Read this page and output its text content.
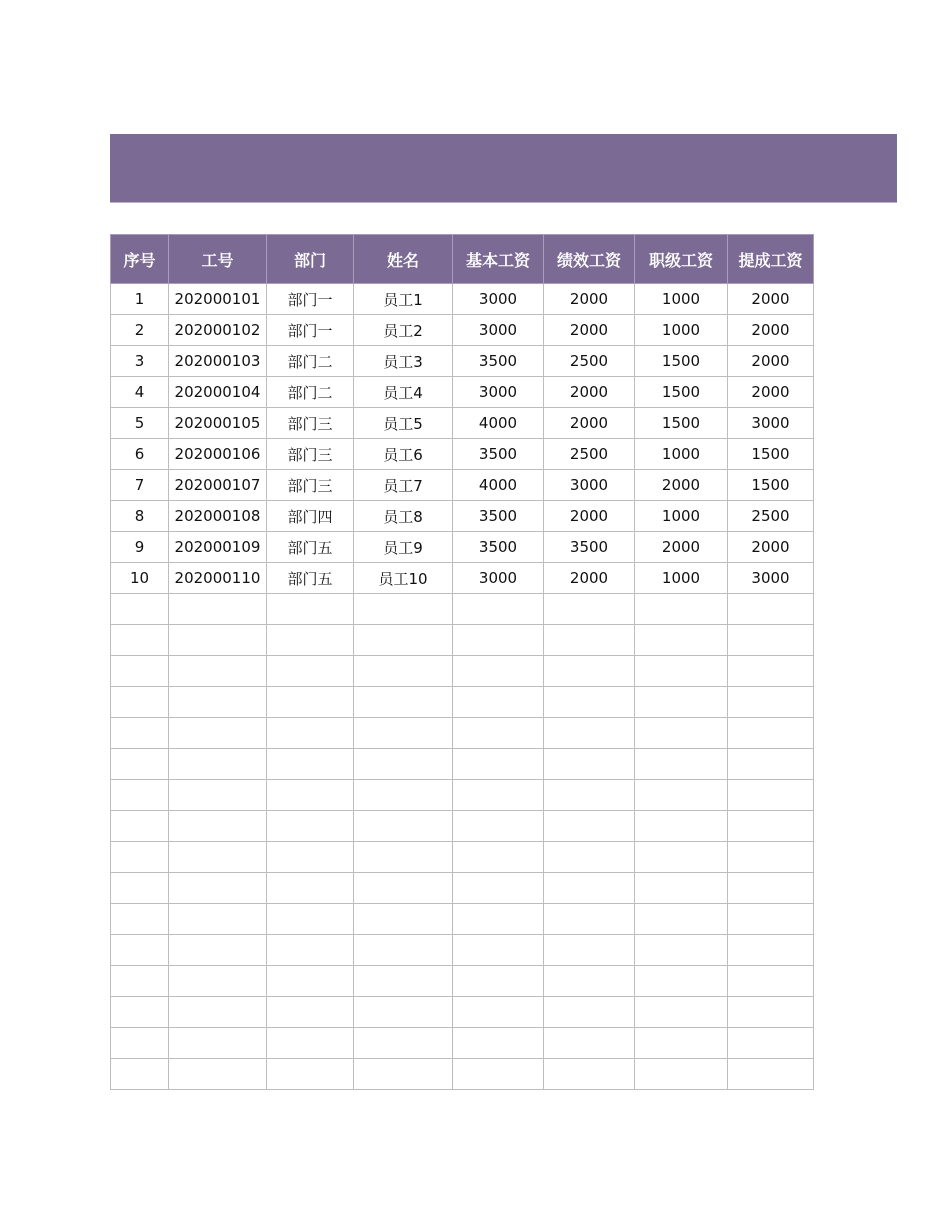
序号	工号	部门	姓名	基本工资	绩效工资	职级工资	提成工资
1	202000101	部门一	员工1	3000	2000	1000	2000
2	202000102	部门一	员工2	3000	2000	1000	2000
3	202000103	部门二	员工3	3500	2500	1500	2000
4	202000104	部门二	员工4	3000	2000	1500	2000
5	202000105	部门三	员工5	4000	2000	1500	3000
6	202000106	部门三	员工6	3500	2500	1000	1500
7	202000107	部门三	员工7	4000	3000	2000	1500
8	202000108	部门四	员工8	3500	2000	1000	2500
9	202000109	部门五	员工9	3500	3500	2000	2000
10	202000110	部门五	员工10	3000	2000	1000	3000
